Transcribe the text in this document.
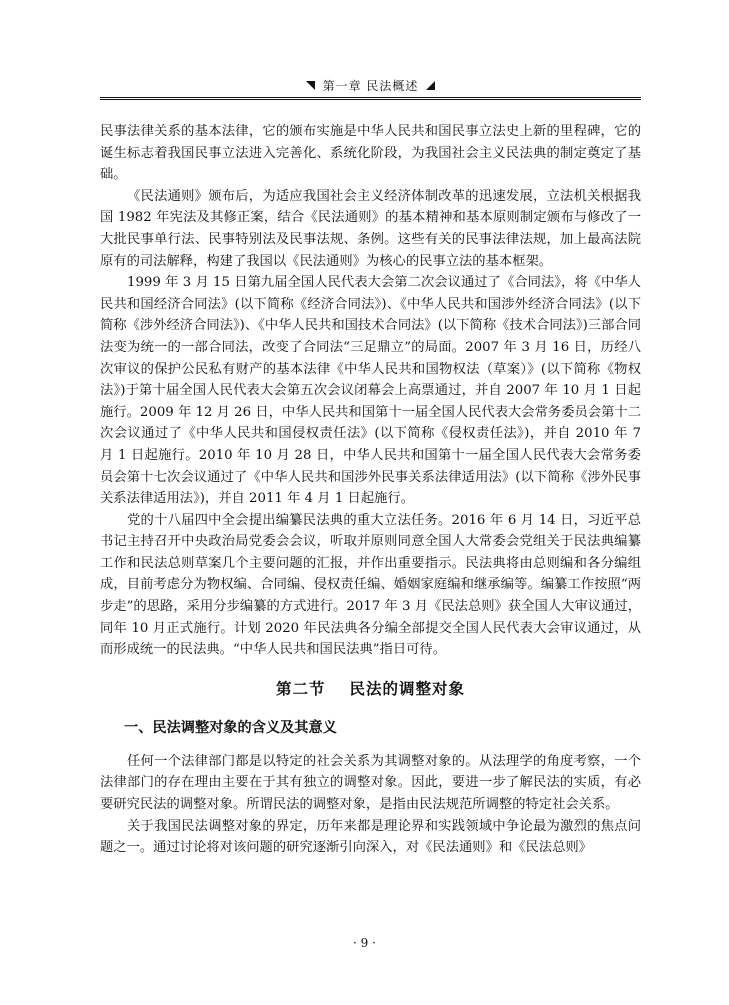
第一章 民法概述

民事法律关系的基本法律，它的颁布实施是中华人民共和国民事立法史上新的里程碑，它的诞生标志着我国民事立法进入完善化、系统化阶段，为我国社会主义民法典的制定奠定了基础。

《民法通则》颁布后，为适应我国社会主义经济体制改革的迅速发展，立法机关根据我国 1982 年宪法及其修正案，结合《民法通则》的基本精神和基本原则制定颁布与修改了一大批民事单行法、民事特别法及民事法规、条例。这些有关的民事法律法规，加上最高法院原有的司法解释，构建了我国以《民法通则》为核心的民事立法的基本框架。

1999 年 3 月 15 日第九届全国人民代表大会第二次会议通过了《合同法》，将《中华人民共和国经济合同法》(以下简称《经济合同法》)、《中华人民共和国涉外经济合同法》(以下简称《涉外经济合同法》)、《中华人民共和国技术合同法》(以下简称《技术合同法》)三部合同法变为统一的一部合同法，改变了合同法“三足鼎立”的局面。2007 年 3 月 16 日，历经八次审议的保护公民私有财产的基本法律《中华人民共和国物权法（草案）》(以下简称《物权法》)于第十届全国人民代表大会第五次会议闭幕会上高票通过，并自 2007 年 10 月 1 日起施行。2009 年 12 月 26 日，中华人民共和国第十一届全国人民代表大会常务委员会第十二次会议通过了《中华人民共和国侵权责任法》(以下简称《侵权责任法》)，并自 2010 年 7 月 1 日起施行。2010 年 10 月 28 日，中华人民共和国第十一届全国人民代表大会常务委员会第十七次会议通过了《中华人民共和国涉外民事关系法律适用法》(以下简称《涉外民事关系法律适用法》)，并自 2011 年 4 月 1 日起施行。

党的十八届四中全会提出编纂民法典的重大立法任务。2016 年 6 月 14 日，习近平总书记主持召开中央政治局党委会会议，听取并原则同意全国人大常委会党组关于民法典编纂工作和民法总则草案几个主要问题的汇报，并作出重要指示。民法典将由总则编和各分编组成，目前考虑分为物权编、合同编、侵权责任编、婚姻家庭编和继承编等。编纂工作按照“两步走”的思路，采用分步编纂的方式进行。2017 年 3 月《民法总则》获全国人大审议通过，同年 10 月正式施行。计划 2020 年民法典各分编全部提交全国人民代表大会审议通过，从而形成统一的民法典。“中华人民共和国民法典”指日可待。

第二节 民法的调整对象
一、民法调整对象的含义及其意义

任何一个法律部门都是以特定的社会关系为其调整对象的。从法理学的角度考察，一个法律部门的存在理由主要在于其有独立的调整对象。因此，要进一步了解民法的实质，有必要研究民法的调整对象。所谓民法的调整对象，是指由民法规范所调整的特定社会关系。

关于我国民法调整对象的界定，历年来都是理论界和实践领域中争论最为激烈的焦点问题之一。通过讨论将对该问题的研究逐渐引向深入，对《民法通则》和《民法总则》

· 9 ·
